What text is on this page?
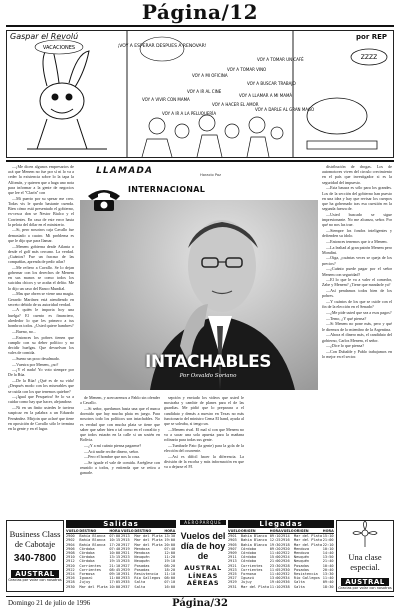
Página/12
VACACIONES	¡VOY A ESPERAR DESPUES A RENOVAR!
VOY A MI OFICINA
VOY A TOMAR VINO
VOY A BUSCAR TRABAJO
VOY A VIVIR CON MAMA
VOY A IR AL CINE
VOY A HACER EL AMOR
VOY A IR A LA PELUQUERÍA
VOY A LLAMAR A MI MAMÁ
VOY A TOMAR UN CAFÉ
VOY A DARLE AL GRAN MAGO
ZZZZ
Gaspar el Revolú	por REP
LLAMADA
INTERNACIONAL
Horacio Paz
INTACHABLES
Por Osvaldo Soriano

—¡Me dicen algunos empresarios de acá que Menem no fue por sí ni lo va a ceder la existencia sobre lo la tapa la Alfonsín, y quieren que a haga uno nota para informar a la gente de negocios que lee el "Clarín" con

—Mi puerto por su spesar me creo. Todas vis le quedo bastante cuenda. Bien cómo está presentado el gobierno, ex-cesca don se Nestor Bialco y el Corrientes. En casa de este error hasta la pelota del dólar en el ministerio.

—Si, pero nosotros caja Cavallo fue demasiado a cuatro. Mi problema es que le dijo que para llamar.

—Menem gobierna desde Atlanta o desde el golf más cercano. La verdad. ¿Cuántos? Fue un fracaso de las compañías, aprenda de pedir atlas?

—Me refiero a Cavallo. Se lo dejan gobernar con los derechos de Menem en sus manos se como todos los suicidas chicos y se acaba el delito. Me lo dijo un caso del Banco Mundial.

—Mas que obren se viene una magia. Gerardo Martínez está atendiendo en secreto debido de su autoridad verdad.

—A quién le importa hoy una huelga? El cuento es financiero, alrededor lo que les primero a tus hombros todos. ¿Usted quiere hambres?

—Bueno, no...

—Entonces los pobres tienen que cumplir con su deber político y no decidir huelgas. Que devuelvan los vales de comida.

—Sueno un poco desalmado.

—Vuestra por Menem, ¿no?

—¡Y el nada! Yo voto siempre por De la Rúa.

—De la Rúa! ¿Qué es de su vida! ¿Después modo con los miserables que se cuida con los que tenemos quiebre?

—¡Igual que Pesqueira! Se lo va a cuidar como hay que hacer, alejandose.

—Ni en un finito ustedes le tuviera suspicaz en la palabra a un Eduardo Fernández. Mirjoin que aclaré que tiene en oposición de Cavallo sólo le termina en la gente y en el lugar.

de Menem, y acercaremos a Pablo sin ofender a Cavallo.

—Si señor, quedamos hasta una que el nunca dormido que hay mucha plata en juego. Para nosotros todo los políticos son intachables. No es verdad que con mucha plata se tiene que saber que saber bien o tal como en el corralito y que todos estarán en la calle si un sostén en Bolivia.

—¿Y a mí cuánto piensa pagarme?

—Acá nadie recibe dinero, señor.

—Pero el hombre que nos la cosa.

—Se iguale el vale de comida. Arréglese con reunido a todos, y entienda que se retira a ganarle.

sepción y enviado los videos que usted le mostraba y cambie de planes para el de las guardias. Me pidió que lo preparara a el candidato y demás a nuestro en Texas no más funcionario del ministro Cema El hand, ayuda al que se soleaba, si tengo un.

—Menem rival. El mal sí con que Menem no va a sacar una sola apuesta para la mañana rolinaria para todas sus gente.

—Tumbarle Pato (la gente) para la gola de la elección del ocurrente.

—Así es difícil hacer la diferencia. La división de la escoba y más información en que va a dejarse el PJ.

distribución de drogas. Los de automotores viven del circulo crecimiento en el país que investigador si es la seguridad del impuesto.

—Esta basura es sólo para los grandes. Los de la sección del gobierno han puesto en una idea y hay que revisar los cuerpos que ha gobernado tras esa cuestión en la segunda fuerza de.

—Usted buscado se sigue impresionante. No me alcanza, señor. Por qué no nos las trae.

—Siempre los fondos inteligentes y defienden su ídolo.

—Entonces tenemos que ir a Menem.

—La lealtad al gran patrón Menem pero Mondini.

—Oiga, ¿cuántas veces se queja de los precios?

—¿Cuánto puede pagar por el señor Menem con seguridad?

—El lo que le va a valer el comedor, Zabe y Menem? ¿Tiene que mandarle ya?

—Así pendamos todos bien de los pobres.

—Y cuántos de los que se cuide con el fin de la elección en el Senado?

—¿Me pide usted que sea a esos pagos?

—Temo, ¿Y qué piensa?

—Si Menem no pone más, pero y qué le diremos de lo miembro de la Argentina.

—Ahora el dinero más, el candidato del gobierno, Carlos Menem, el señor.

—¿Dice lo que piensa?

—Con Dubalde y Pablo trabajamos en lo mejor en el sector.

Business Class de Cabotaje
340-7800
AUSTRAL
Gracias por volar con nosotros
Salidas
VUELO	DESTINO	HORA	VUELO	DESTINO	HORA
2900	Bahía Blanca	07:00	2913	Mar del Plata	13:30
2902	Bahía Blanca	10:15	2915	Mar del Plata	19:00
2904	Bahía Blanca	17:20	2917	Mar del Plata	20:00
2906	Córdoba	07:40	2919	Mendoza	07:40
2908	Córdoba	10:00	2921	Mendoza	12:00
2910	Córdoba	13:15	2923	Neuquén	11:20
2912	Córdoba	19:15	2925	Neuquén	19:10
2920	Corrientes	21:10	2927	Posadas	08:20
2922	Corrientes	08:45	2929	Posadas	18:20
2924	Formosa	09:10	2931	Resistencia	11:10
2926	Iguazú	11:00	2933	Río Gallegos	08:00
2928	Jujuy	17:05	2935	Salta	07:10
2930	Mar del Plata	10:00	2937	Salta	16:00
AEROPARQUE
Vuelos del día de hoy de
AUSTRAL LÍNEAS AÉREAS
Llegadas
VUELO	ORIGEN	HORA	VUELO	ORIGEN	HORA
2901	Bahía Blanca	09:10	2914	Mar del Plata	15:10
2903	Bahía Blanca	12:25	2916	Mar del Plata	21:00
2905	Bahía Blanca	19:30	2918	Mar del Plata	22:10
2907	Córdoba	09:20	2920	Mendoza	10:10
2909	Córdoba	11:40	2922	Mendoza	14:40
2911	Córdoba	15:00	2924	Neuquén	13:50
2913	Córdoba	21:00	2926	Neuquén	21:40
2921	Corrientes	23:30	2928	Posadas	10:40
2923	Corrientes	11:05	2930	Posadas	20:40
2925	Formosa	11:40	2932	Resistencia	13:30
2927	Iguazú	13:00	2934	Río Gallegos	11:40
2929	Jujuy	19:40	2936	Salta	09:40
2931	Mar del Plata	11:10	2938	Salta	18:30
Una clase especial.
AUSTRAL
Gracias por volar con nosotros
Página/32
Domingo 21 de julio de 1996
